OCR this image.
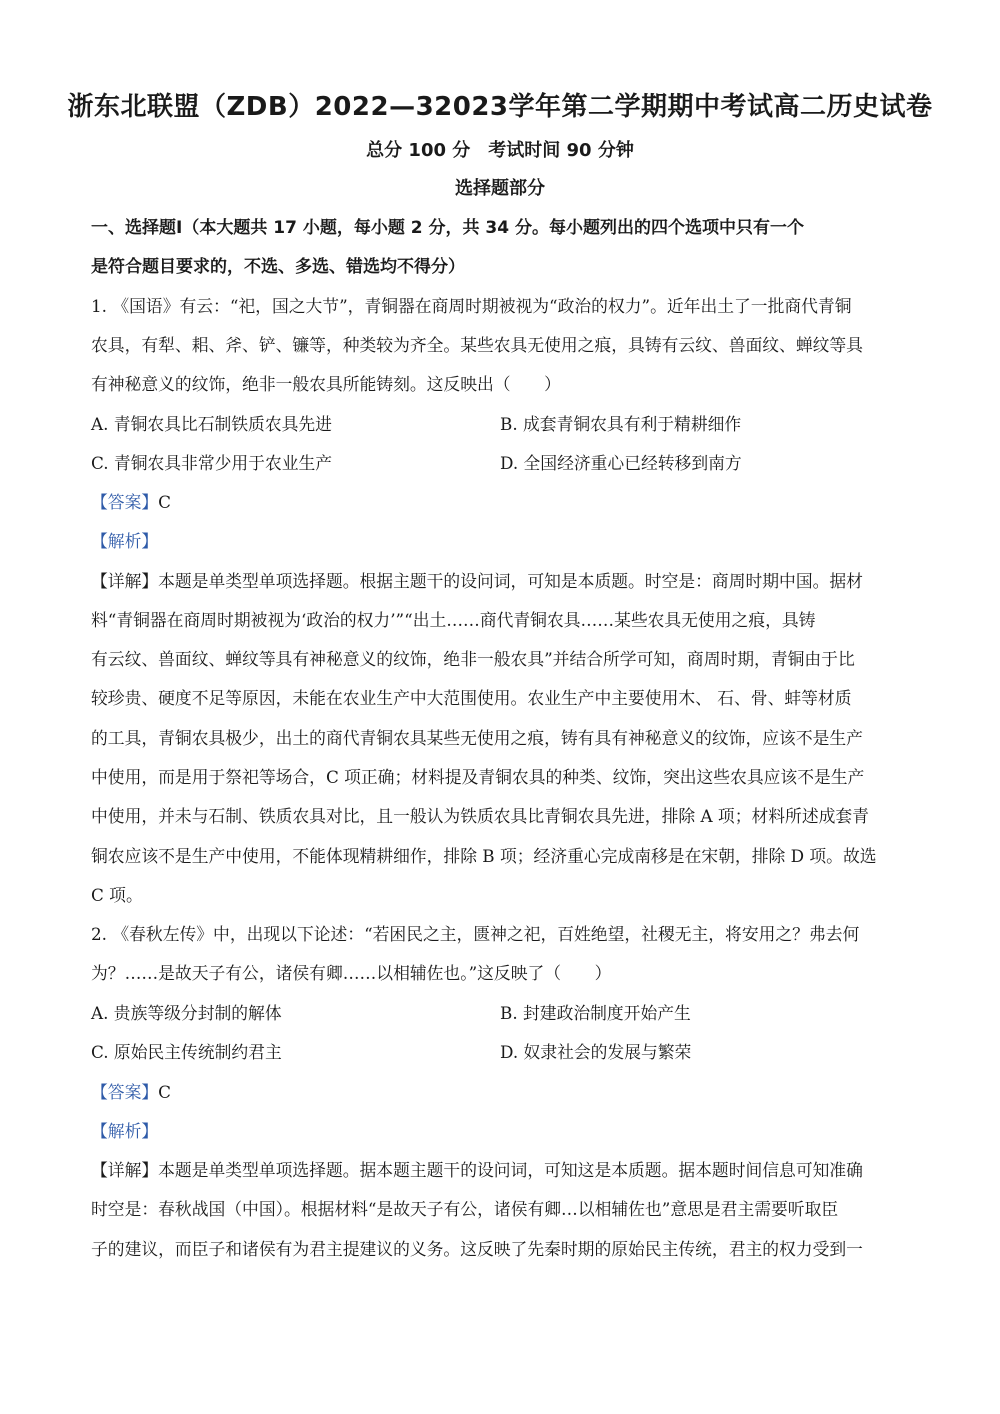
浙东北联盟（ZDB）2022—32023学年第二学期期中考试高二历史试卷
总分 100 分　考试时间 90 分钟
选择题部分
一、选择题Ⅰ（本大题共 17 小题，每小题 2 分，共 34 分。每小题列出的四个选项中只有一个
是符合题目要求的，不选、多选、错选均不得分）
1. 《国语》有云：“祀，国之大节”，青铜器在商周时期被视为“政治的权力”。近年出土了一批商代青铜
农具，有犁、耜、斧、铲、镰等，种类较为齐全。某些农具无使用之痕，具铸有云纹、兽面纹、蝉纹等具
有神秘意义的纹饰，绝非一般农具所能铸刻。这反映出（　　）
A. 青铜农具比石制铁质农具先进	B. 成套青铜农具有利于精耕细作
C. 青铜农具非常少用于农业生产	D. 全国经济重心已经转移到南方
【答案】C
【解析】
【详解】本题是单类型单项选择题。根据主题干的设问词，可知是本质题。时空是：商周时期中国。据材
料“青铜器在商周时期被视为‘政治的权力’”“出土……商代青铜农具……某些农具无使用之痕，具铸
有云纹、兽面纹、蝉纹等具有神秘意义的纹饰，绝非一般农具”并结合所学可知，商周时期，青铜由于比
较珍贵、硬度不足等原因，未能在农业生产中大范围使用。农业生产中主要使用木、 石、骨、蚌等材质
的工具，青铜农具极少，出土的商代青铜农具某些无使用之痕，铸有具有神秘意义的纹饰，应该不是生产
中使用，而是用于祭祀等场合，C 项正确；材料提及青铜农具的种类、纹饰，突出这些农具应该不是生产
中使用，并未与石制、铁质农具对比，且一般认为铁质农具比青铜农具先进，排除 A 项；材料所述成套青
铜农应该不是生产中使用，不能体现精耕细作，排除 B 项；经济重心完成南移是在宋朝，排除 D 项。故选
C 项。
2. 《春秋左传》中，出现以下论述：“若困民之主，匮神之祀，百姓绝望，社稷无主，将安用之？弗去何
为？……是故天子有公，诸侯有卿……以相辅佐也。”这反映了（　　）
A. 贵族等级分封制的解体	B. 封建政治制度开始产生
C. 原始民主传统制约君主	D. 奴隶社会的发展与繁荣
【答案】C
【解析】
【详解】本题是单类型单项选择题。据本题主题干的设问词，可知这是本质题。据本题时间信息可知准确
时空是：春秋战国（中国）。根据材料“是故天子有公，诸侯有卿…以相辅佐也”意思是君主需要听取臣
子的建议，而臣子和诸侯有为君主提建议的义务。这反映了先秦时期的原始民主传统，君主的权力受到一
